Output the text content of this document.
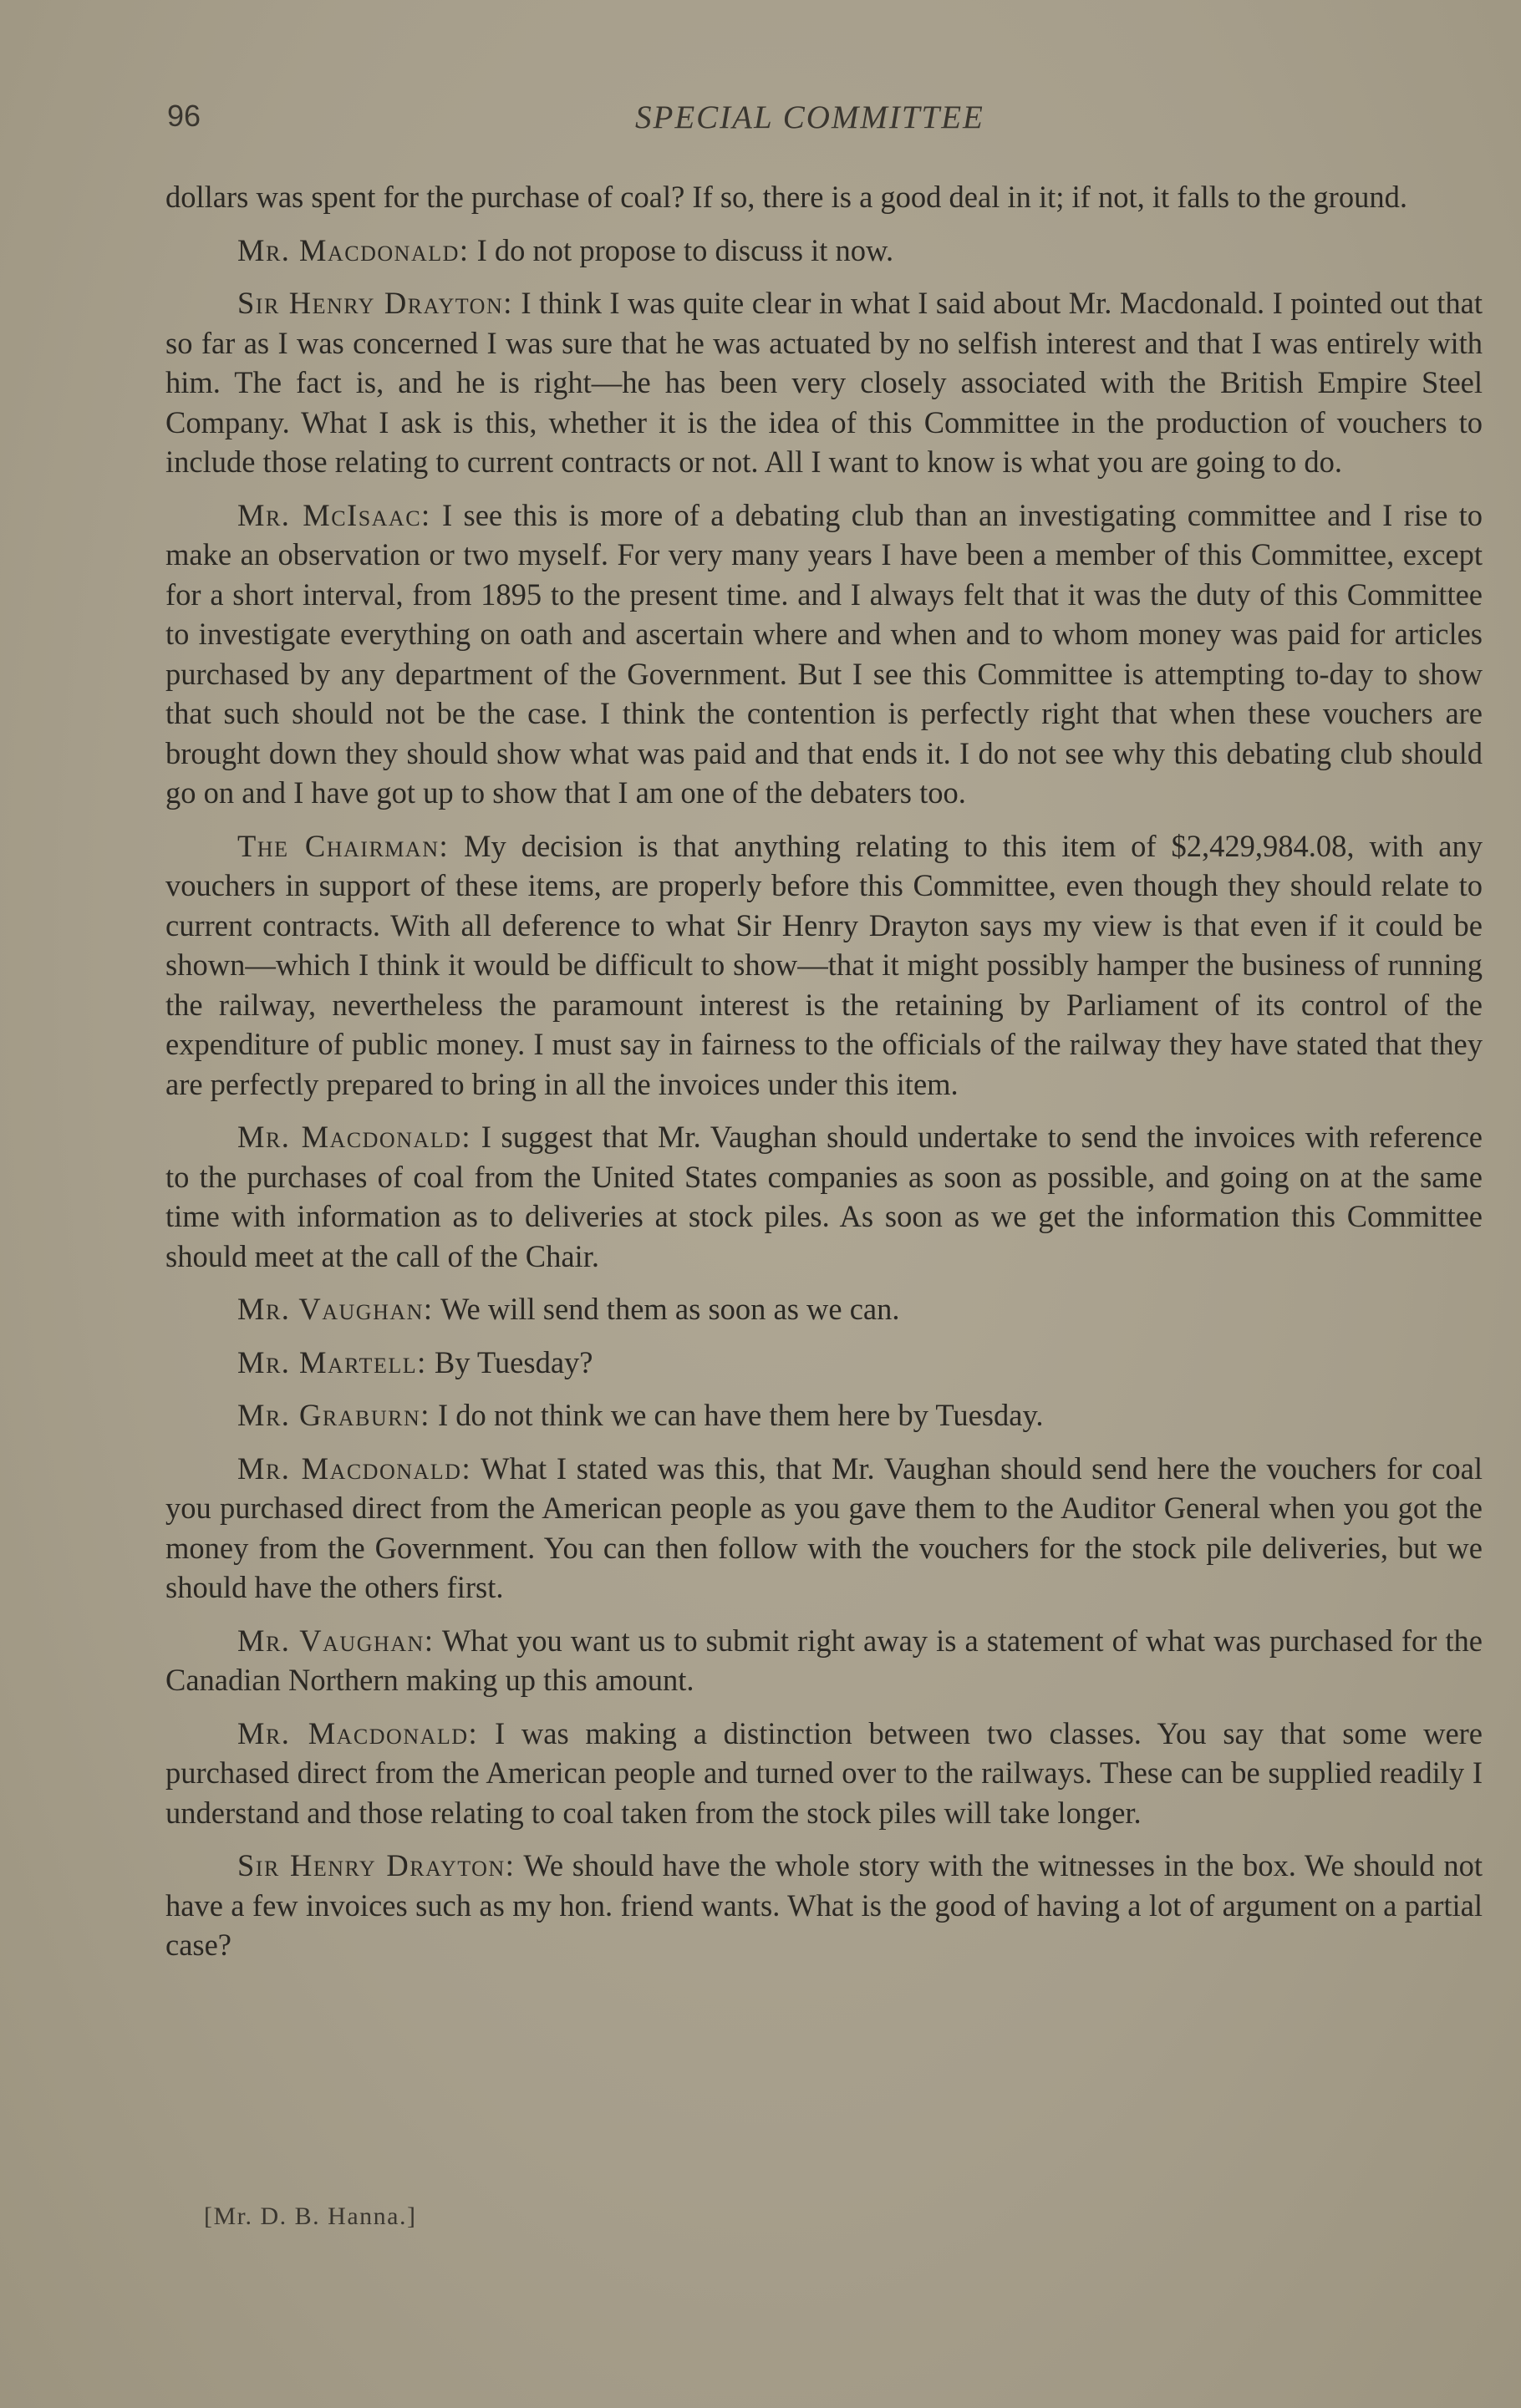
96	SPECIAL COMMITTEE

dollars was spent for the purchase of coal? If so, there is a good deal in it; if not, it falls to the ground.

Mr. Macdonald: I do not propose to discuss it now.

Sir Henry Drayton: I think I was quite clear in what I said about Mr. Macdonald. I pointed out that so far as I was concerned I was sure that he was actuated by no selfish interest and that I was entirely with him. The fact is, and he is right—he has been very closely associated with the British Empire Steel Company. What I ask is this, whether it is the idea of this Committee in the production of vouchers to include those relating to current contracts or not. All I want to know is what you are going to do.

Mr. McIsaac: I see this is more of a debating club than an investigating committee and I rise to make an observation or two myself. For very many years I have been a member of this Committee, except for a short interval, from 1895 to the present time. and I always felt that it was the duty of this Committee to investigate everything on oath and ascertain where and when and to whom money was paid for articles purchased by any department of the Government. But I see this Committee is attempting to-day to show that such should not be the case. I think the contention is perfectly right that when these vouchers are brought down they should show what was paid and that ends it. I do not see why this debating club should go on and I have got up to show that I am one of the debaters too.

The Chairman: My decision is that anything relating to this item of $2,429,984.08, with any vouchers in support of these items, are properly before this Committee, even though they should relate to current contracts. With all deference to what Sir Henry Drayton says my view is that even if it could be shown—which I think it would be difficult to show—that it might possibly hamper the business of running the railway, nevertheless the paramount interest is the retaining by Parliament of its control of the expenditure of public money. I must say in fairness to the officials of the railway they have stated that they are perfectly prepared to bring in all the invoices under this item.

Mr. Macdonald: I suggest that Mr. Vaughan should undertake to send the invoices with reference to the purchases of coal from the United States companies as soon as possible, and going on at the same time with information as to deliveries at stock piles. As soon as we get the information this Committee should meet at the call of the Chair.

Mr. Vaughan: We will send them as soon as we can.

Mr. Martell: By Tuesday?

Mr. Graburn: I do not think we can have them here by Tuesday.

Mr. Macdonald: What I stated was this, that Mr. Vaughan should send here the vouchers for coal you purchased direct from the American people as you gave them to the Auditor General when you got the money from the Government. You can then follow with the vouchers for the stock pile deliveries, but we should have the others first.

Mr. Vaughan: What you want us to submit right away is a statement of what was purchased for the Canadian Northern making up this amount.

Mr. Macdonald: I was making a distinction between two classes. You say that some were purchased direct from the American people and turned over to the railways. These can be supplied readily I understand and those relating to coal taken from the stock piles will take longer.

Sir Henry Drayton: We should have the whole story with the witnesses in the box. We should not have a few invoices such as my hon. friend wants. What is the good of having a lot of argument on a partial case?

[Mr. D. B. Hanna.]
